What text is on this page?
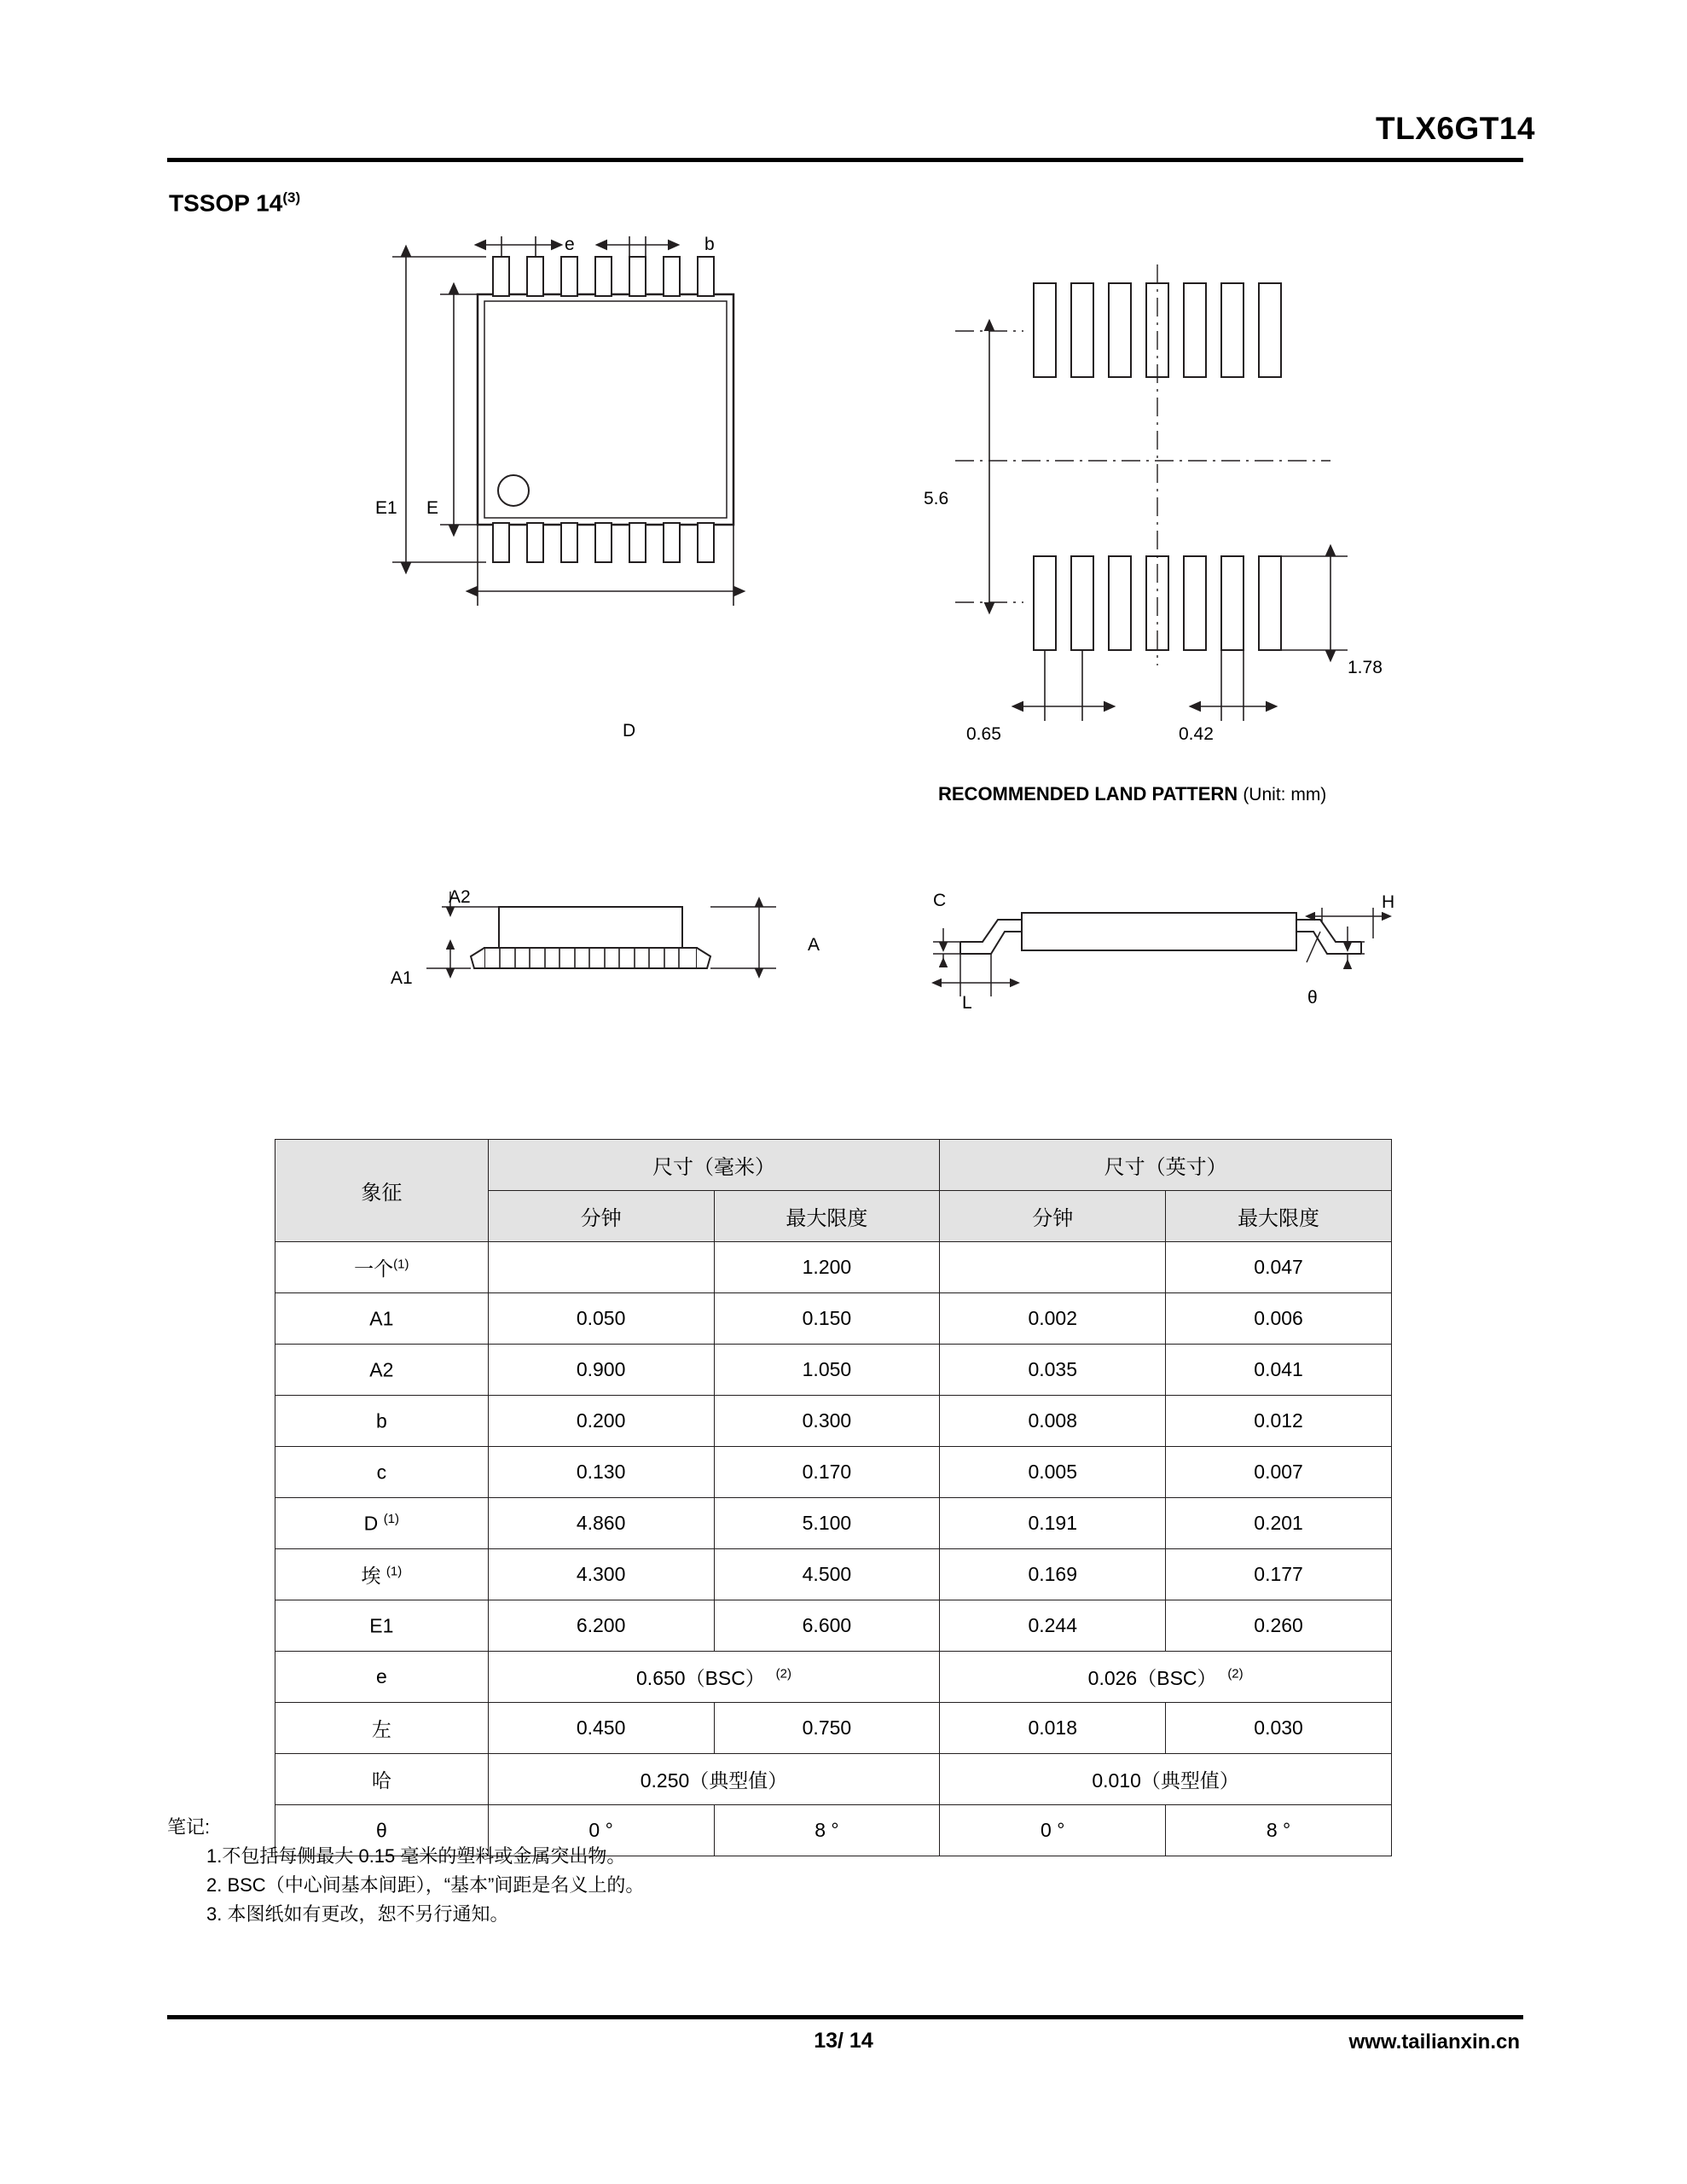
TLX6GT14
TSSOP 14$^{(3)}$
e	b
E1 E
D
5.6
1.78
0.65	0.42
RECOMMENDED LAND PATTERN (Unit: mm)
A2
A1
A
C
L
H
θ
象征	尺寸（毫米）		尺寸（英寸）	
	分钟	最大限度	分钟	最大限度
一个$^{(1)}$		1.200		0.047
A1	0.050	0.150	0.002	0.006
A2	0.900	1.050	0.035	0.041
b	0.200	0.300	0.008	0.012
c	0.130	0.170	0.005	0.007
D $^{(1)}$	4.860	5.100	0.191	0.201
埃 $^{(1)}$	4.300	4.500	0.169	0.177
E1	6.200	6.600	0.244	0.260
e	0.650（BSC） $^{(2)}$		0.026（BSC） $^{(2)}$
左	0.450	0.750	0.018	0.030
哈	0.250（典型值）		0.010（典型值）	
θ	0 °	8 °	0 °	8 °
笔记:
1.不包括每侧最大 0.15 毫米的塑料或金属突出物。
2. BSC（中心间基本间距），“基本”间距是名义上的。
3. 本图纸如有更改，恕不另行通知。
13/ 14	www.tailianxin.cn
